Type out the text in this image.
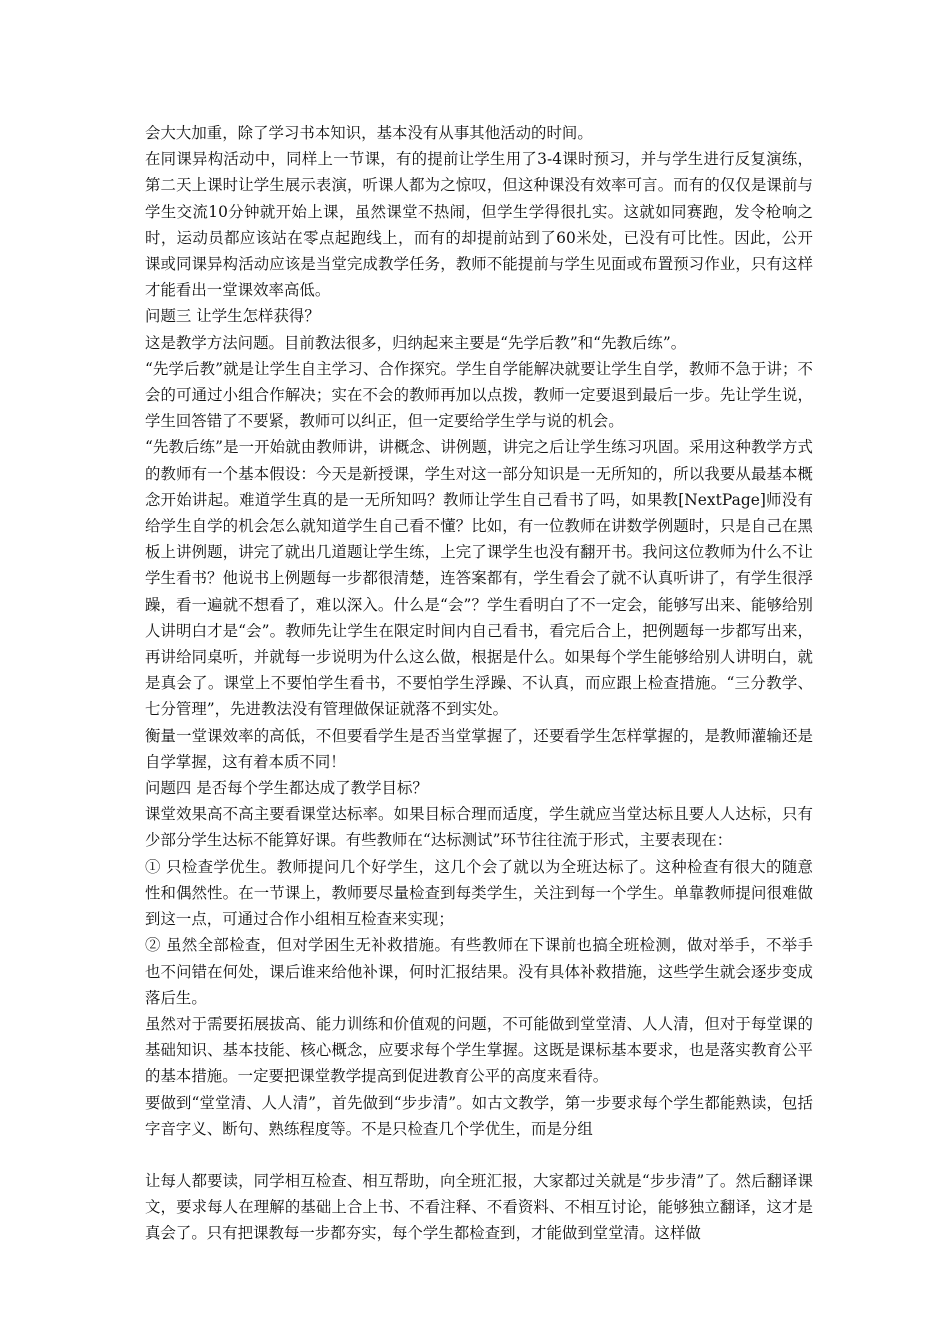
会大大加重，除了学习书本知识，基本没有从事其他活动的时间。

在同课异构活动中，同样上一节课，有的提前让学生用了3-4课时预习，并与学生进行反复演练，第二天上课时让学生展示表演，听课人都为之惊叹，但这种课没有效率可言。而有的仅仅是课前与学生交流10分钟就开始上课，虽然课堂不热闹，但学生学得很扎实。这就如同赛跑，发令枪响之时，运动员都应该站在零点起跑线上，而有的却提前站到了60米处，已没有可比性。因此，公开课或同课异构活动应该是当堂完成教学任务，教师不能提前与学生见面或布置预习作业，只有这样才能看出一堂课效率高低。

问题三 让学生怎样获得？

这是教学方法问题。目前教法很多，归纳起来主要是“先学后教”和“先教后练”。

“先学后教”就是让学生自主学习、合作探究。学生自学能解决就要让学生自学，教师不急于讲；不会的可通过小组合作解决；实在不会的教师再加以点拨，教师一定要退到最后一步。先让学生说，学生回答错了不要紧，教师可以纠正，但一定要给学生学与说的机会。

“先教后练”是一开始就由教师讲，讲概念、讲例题，讲完之后让学生练习巩固。采用这种教学方式的教师有一个基本假设：今天是新授课，学生对这一部分知识是一无所知的，所以我要从最基本概念开始讲起。难道学生真的是一无所知吗？教师让学生自己看书了吗，如果教[NextPage]师没有给学生自学的机会怎么就知道学生自己看不懂？比如，有一位教师在讲数学例题时，只是自己在黑板上讲例题，讲完了就出几道题让学生练，上完了课学生也没有翻开书。我问这位教师为什么不让学生看书？他说书上例题每一步都很清楚，连答案都有，学生看会了就不认真听讲了，有学生很浮躁，看一遍就不想看了，难以深入。什么是“会”？学生看明白了不一定会，能够写出来、能够给别人讲明白才是“会”。教师先让学生在限定时间内自己看书，看完后合上，把例题每一步都写出来，再讲给同桌听，并就每一步说明为什么这么做，根据是什么。如果每个学生能够给别人讲明白，就是真会了。课堂上不要怕学生看书，不要怕学生浮躁、不认真，而应跟上检查措施。“三分教学、七分管理”，先进教法没有管理做保证就落不到实处。

衡量一堂课效率的高低，不但要看学生是否当堂掌握了，还要看学生怎样掌握的，是教师灌输还是自学掌握，这有着本质不同！

问题四 是否每个学生都达成了教学目标？

课堂效果高不高主要看课堂达标率。如果目标合理而适度，学生就应当堂达标且要人人达标，只有少部分学生达标不能算好课。有些教师在“达标测试”环节往往流于形式，主要表现在：

① 只检查学优生。教师提问几个好学生，这几个会了就以为全班达标了。这种检查有很大的随意性和偶然性。在一节课上，教师要尽量检查到每类学生，关注到每一个学生。单靠教师提问很难做到这一点，可通过合作小组相互检查来实现；

② 虽然全部检查，但对学困生无补救措施。有些教师在下课前也搞全班检测，做对举手，不举手也不问错在何处，课后谁来给他补课，何时汇报结果。没有具体补救措施，这些学生就会逐步变成落后生。

虽然对于需要拓展拔高、能力训练和价值观的问题，不可能做到堂堂清、人人清，但对于每堂课的基础知识、基本技能、核心概念，应要求每个学生掌握。这既是课标基本要求，也是落实教育公平的基本措施。一定要把课堂教学提高到促进教育公平的高度来看待。

要做到“堂堂清、人人清”，首先做到“步步清”。如古文教学，第一步要求每个学生都能熟读，包括字音字义、断句、熟练程度等。不是只检查几个学优生，而是分组

让每人都要读，同学相互检查、相互帮助，向全班汇报，大家都过关就是“步步清”了。然后翻译课文，要求每人在理解的基础上合上书、不看注释、不看资料、不相互讨论，能够独立翻译，这才是真会了。只有把课教每一步都夯实，每个学生都检查到，才能做到堂堂清。这样做
